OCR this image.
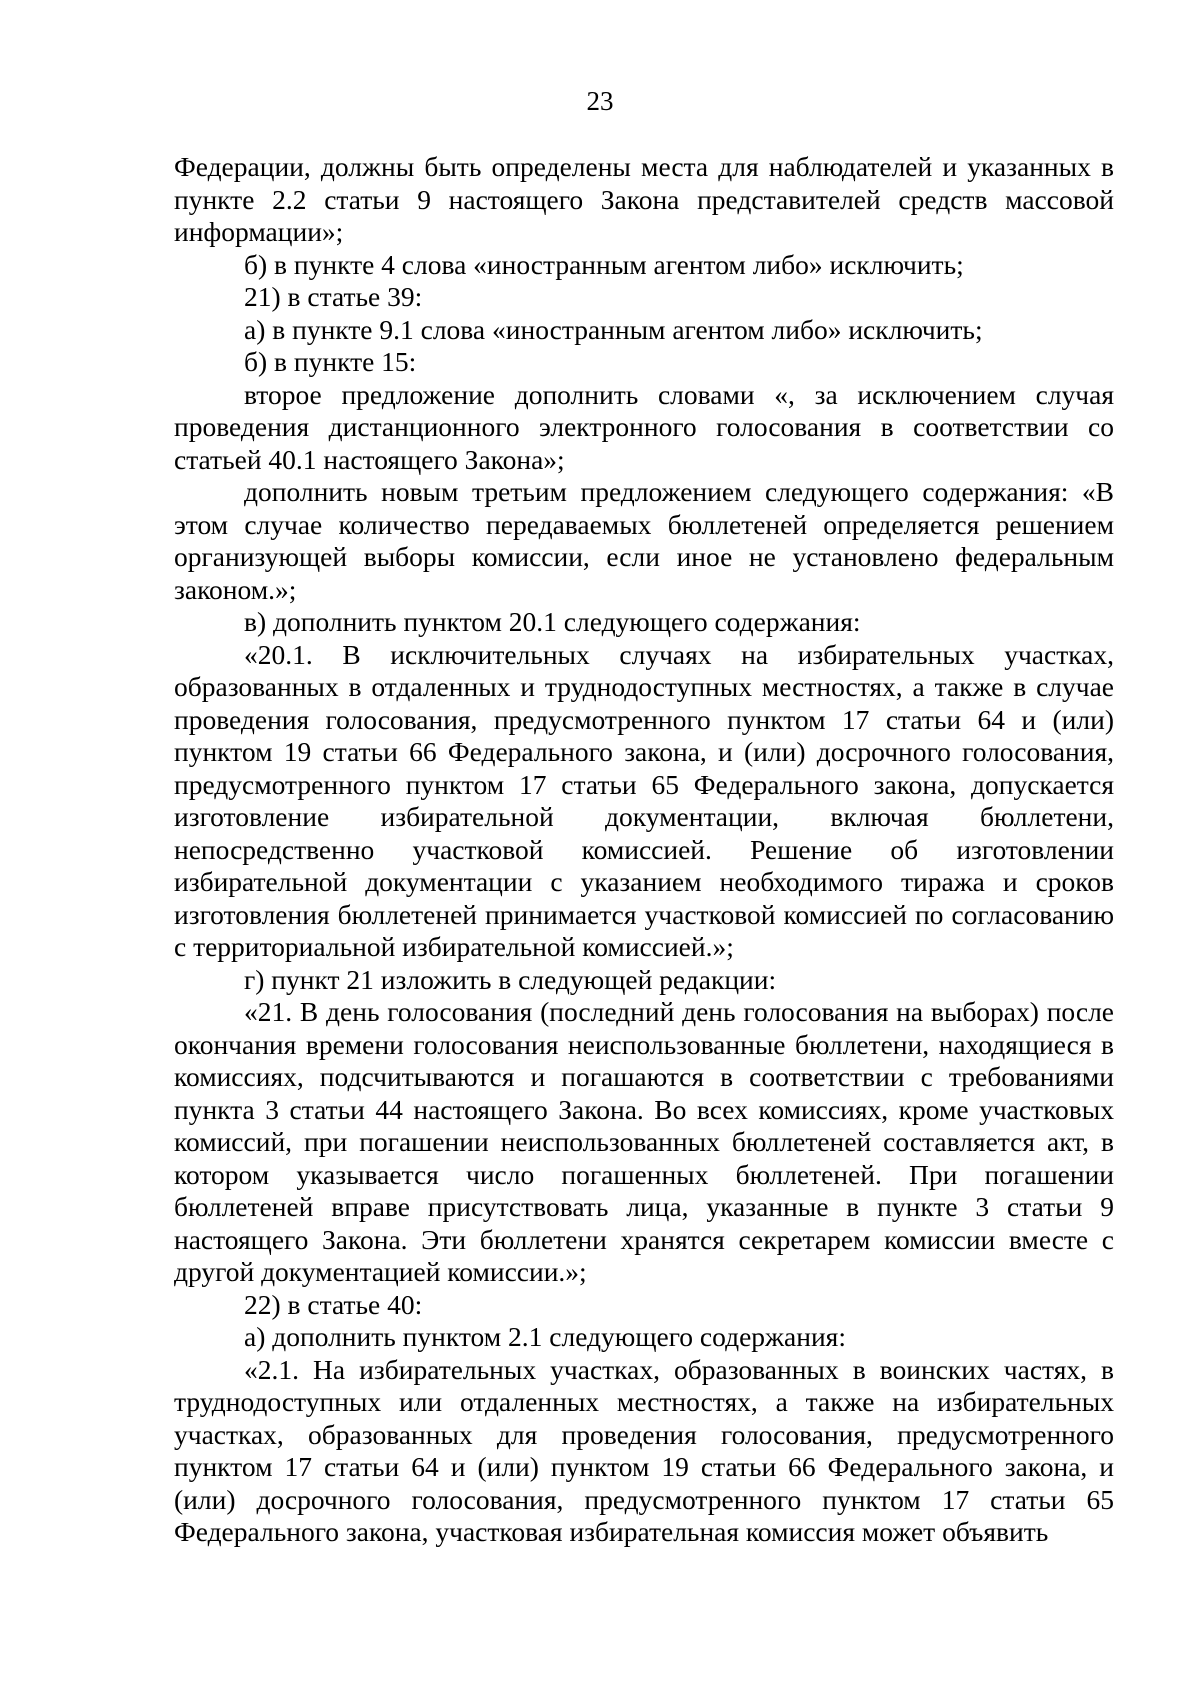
23

Федерации, должны быть определены места для наблюдателей и указанных в пункте 2.2 статьи 9 настоящего Закона представителей средств массовой информации»;

б) в пункте 4 слова «иностранным агентом либо» исключить;

21) в статье 39:

а) в пункте 9.1 слова «иностранным агентом либо» исключить;

б) в пункте 15:

второе предложение дополнить словами «, за исключением случая проведения дистанционного электронного голосования в соответствии со статьей 40.1 настоящего Закона»;

дополнить новым третьим предложением следующего содержания: «В этом случае количество передаваемых бюллетеней определяется решением организующей выборы комиссии, если иное не установлено федеральным законом.»;

в) дополнить пунктом 20.1 следующего содержания:

«20.1. В исключительных случаях на избирательных участках, образованных в отдаленных и труднодоступных местностях, а также в случае проведения голосования, предусмотренного пунктом 17 статьи 64 и (или) пунктом 19 статьи 66 Федерального закона, и (или) досрочного голосования, предусмотренного пунктом 17 статьи 65 Федерального закона, допускается изготовление избирательной документации, включая бюллетени, непосредственно участковой комиссией. Решение об изготовлении избирательной документации с указанием необходимого тиража и сроков изготовления бюллетеней принимается участковой комиссией по согласованию с территориальной избирательной комиссией.»;

г) пункт 21 изложить в следующей редакции:

«21. В день голосования (последний день голосования на выборах) после окончания времени голосования неиспользованные бюллетени, находящиеся в комиссиях, подсчитываются и погашаются в соответствии с требованиями пункта 3 статьи 44 настоящего Закона. Во всех комиссиях, кроме участковых комиссий, при погашении неиспользованных бюллетеней составляется акт, в котором указывается число погашенных бюллетеней. При погашении бюллетеней вправе присутствовать лица, указанные в пункте 3 статьи 9 настоящего Закона. Эти бюллетени хранятся секретарем комиссии вместе с другой документацией комиссии.»;

22) в статье 40:

а) дополнить пунктом 2.1 следующего содержания:

«2.1. На избирательных участках, образованных в воинских частях, в труднодоступных или отдаленных местностях, а также на избирательных участках, образованных для проведения голосования, предусмотренного пунктом 17 статьи 64 и (или) пунктом 19 статьи 66 Федерального закона, и (или) досрочного голосования, предусмотренного пунктом 17 статьи 65 Федерального закона, участковая избирательная комиссия может объявить
